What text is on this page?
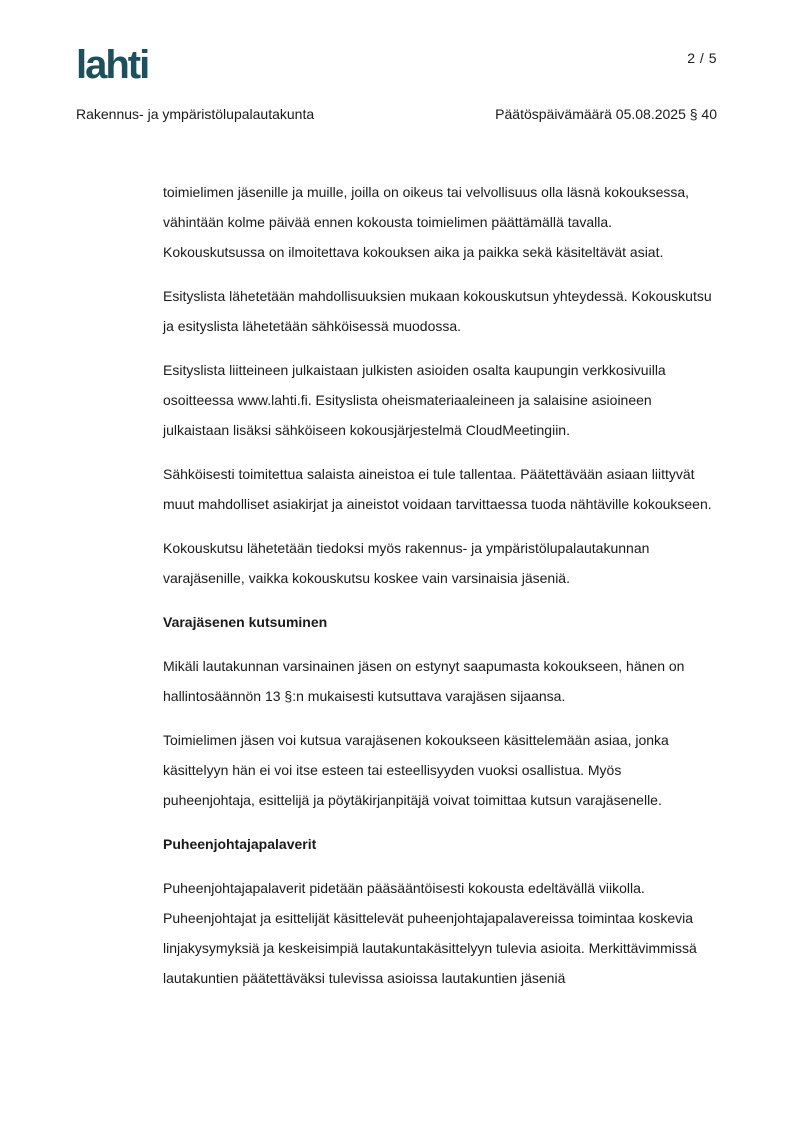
lahti	2 / 5
Rakennus- ja ympäristölupalautakunta	Päätöspäivämäärä 05.08.2025 § 40

toimielimen jäsenille ja muille, joilla on oikeus tai velvollisuus olla läsnä kokouksessa, vähintään kolme päivää ennen kokousta toimielimen päättämällä tavalla. Kokouskutsussa on ilmoitettava kokouksen aika ja paikka sekä käsiteltävät asiat.

Esityslista lähetetään mahdollisuuksien mukaan kokouskutsun yhteydessä. Kokouskutsu ja esityslista lähetetään sähköisessä muodossa.

Esityslista liitteineen julkaistaan julkisten asioiden osalta kaupungin verkkosivuilla osoitteessa www.lahti.fi. Esityslista oheismateriaaleineen ja salaisine asioineen julkaistaan lisäksi sähköiseen kokousjärjestelmä CloudMeetingiin.

Sähköisesti toimitettua salaista aineistoa ei tule tallentaa. Päätettävään asiaan liittyvät muut mahdolliset asiakirjat ja aineistot voidaan tarvittaessa tuoda nähtäville kokoukseen.

Kokouskutsu lähetetään tiedoksi myös rakennus- ja ympäristölupalautakunnan varajäsenille, vaikka kokouskutsu koskee vain varsinaisia jäseniä.

Varajäsenen kutsuminen

Mikäli lautakunnan varsinainen jäsen on estynyt saapumasta kokoukseen, hänen on hallintosäännön 13 §:n mukaisesti kutsuttava varajäsen sijaansa.

Toimielimen jäsen voi kutsua varajäsenen kokoukseen käsittelemään asiaa, jonka käsittelyyn hän ei voi itse esteen tai esteellisyyden vuoksi osallistua. Myös puheenjohtaja, esittelijä ja pöytäkirjanpitäjä voivat toimittaa kutsun varajäsenelle.

Puheenjohtajapalaverit

Puheenjohtajapalaverit pidetään pääsääntöisesti kokousta edeltävällä viikolla. Puheenjohtajat ja esittelijät käsittelevät puheenjohtajapalavereissa toimintaa koskevia linjakysymyksiä ja keskeisimpiä lautakuntakäsittelyyn tulevia asioita. Merkittävimmissä lautakuntien päätettäväksi tulevissa asioissa lautakuntien jäseniä
